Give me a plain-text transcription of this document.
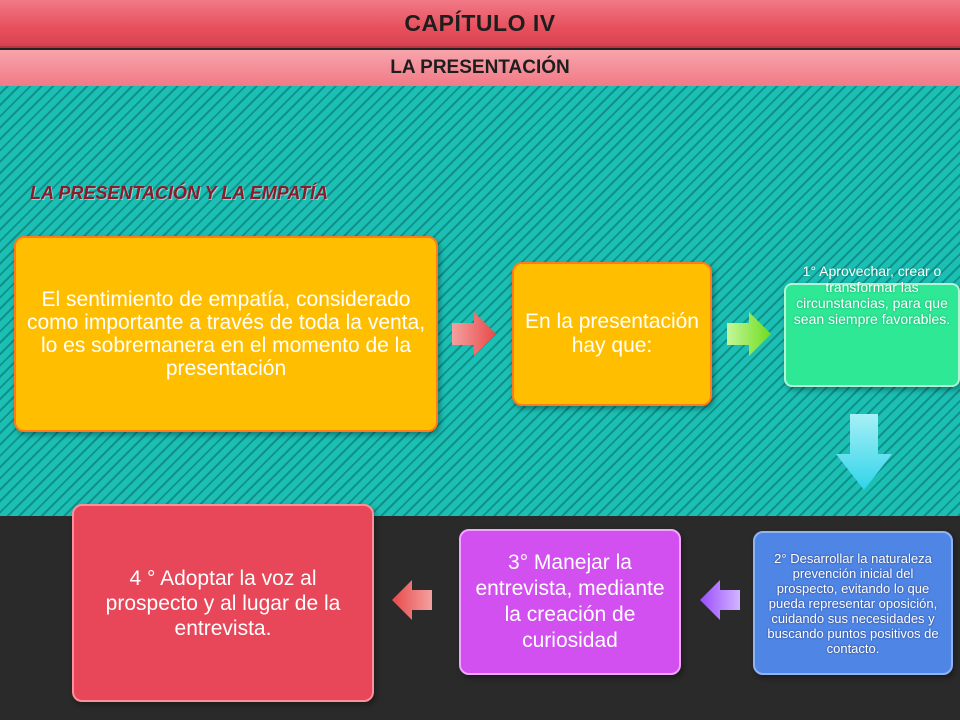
CAPÍTULO IV
LA PRESENTACIÓN
LA PRESENTACIÓN Y LA EMPATÍA
El sentimiento de empatía, considerado como importante a través de toda la venta, lo es sobremanera en el momento de la presentación
En la presentación hay que:
1° Aprovechar, crear o transformar las circunstancias, para que sean siempre favorables.
2° Desarrollar la naturaleza prevención inicial del prospecto, evitando lo que pueda representar oposición, cuidando sus necesidades y buscando puntos positivos de contacto.
3° Manejar la entrevista, mediante la creación de curiosidad
4 ° Adoptar la voz al prospecto y al lugar de la entrevista.
